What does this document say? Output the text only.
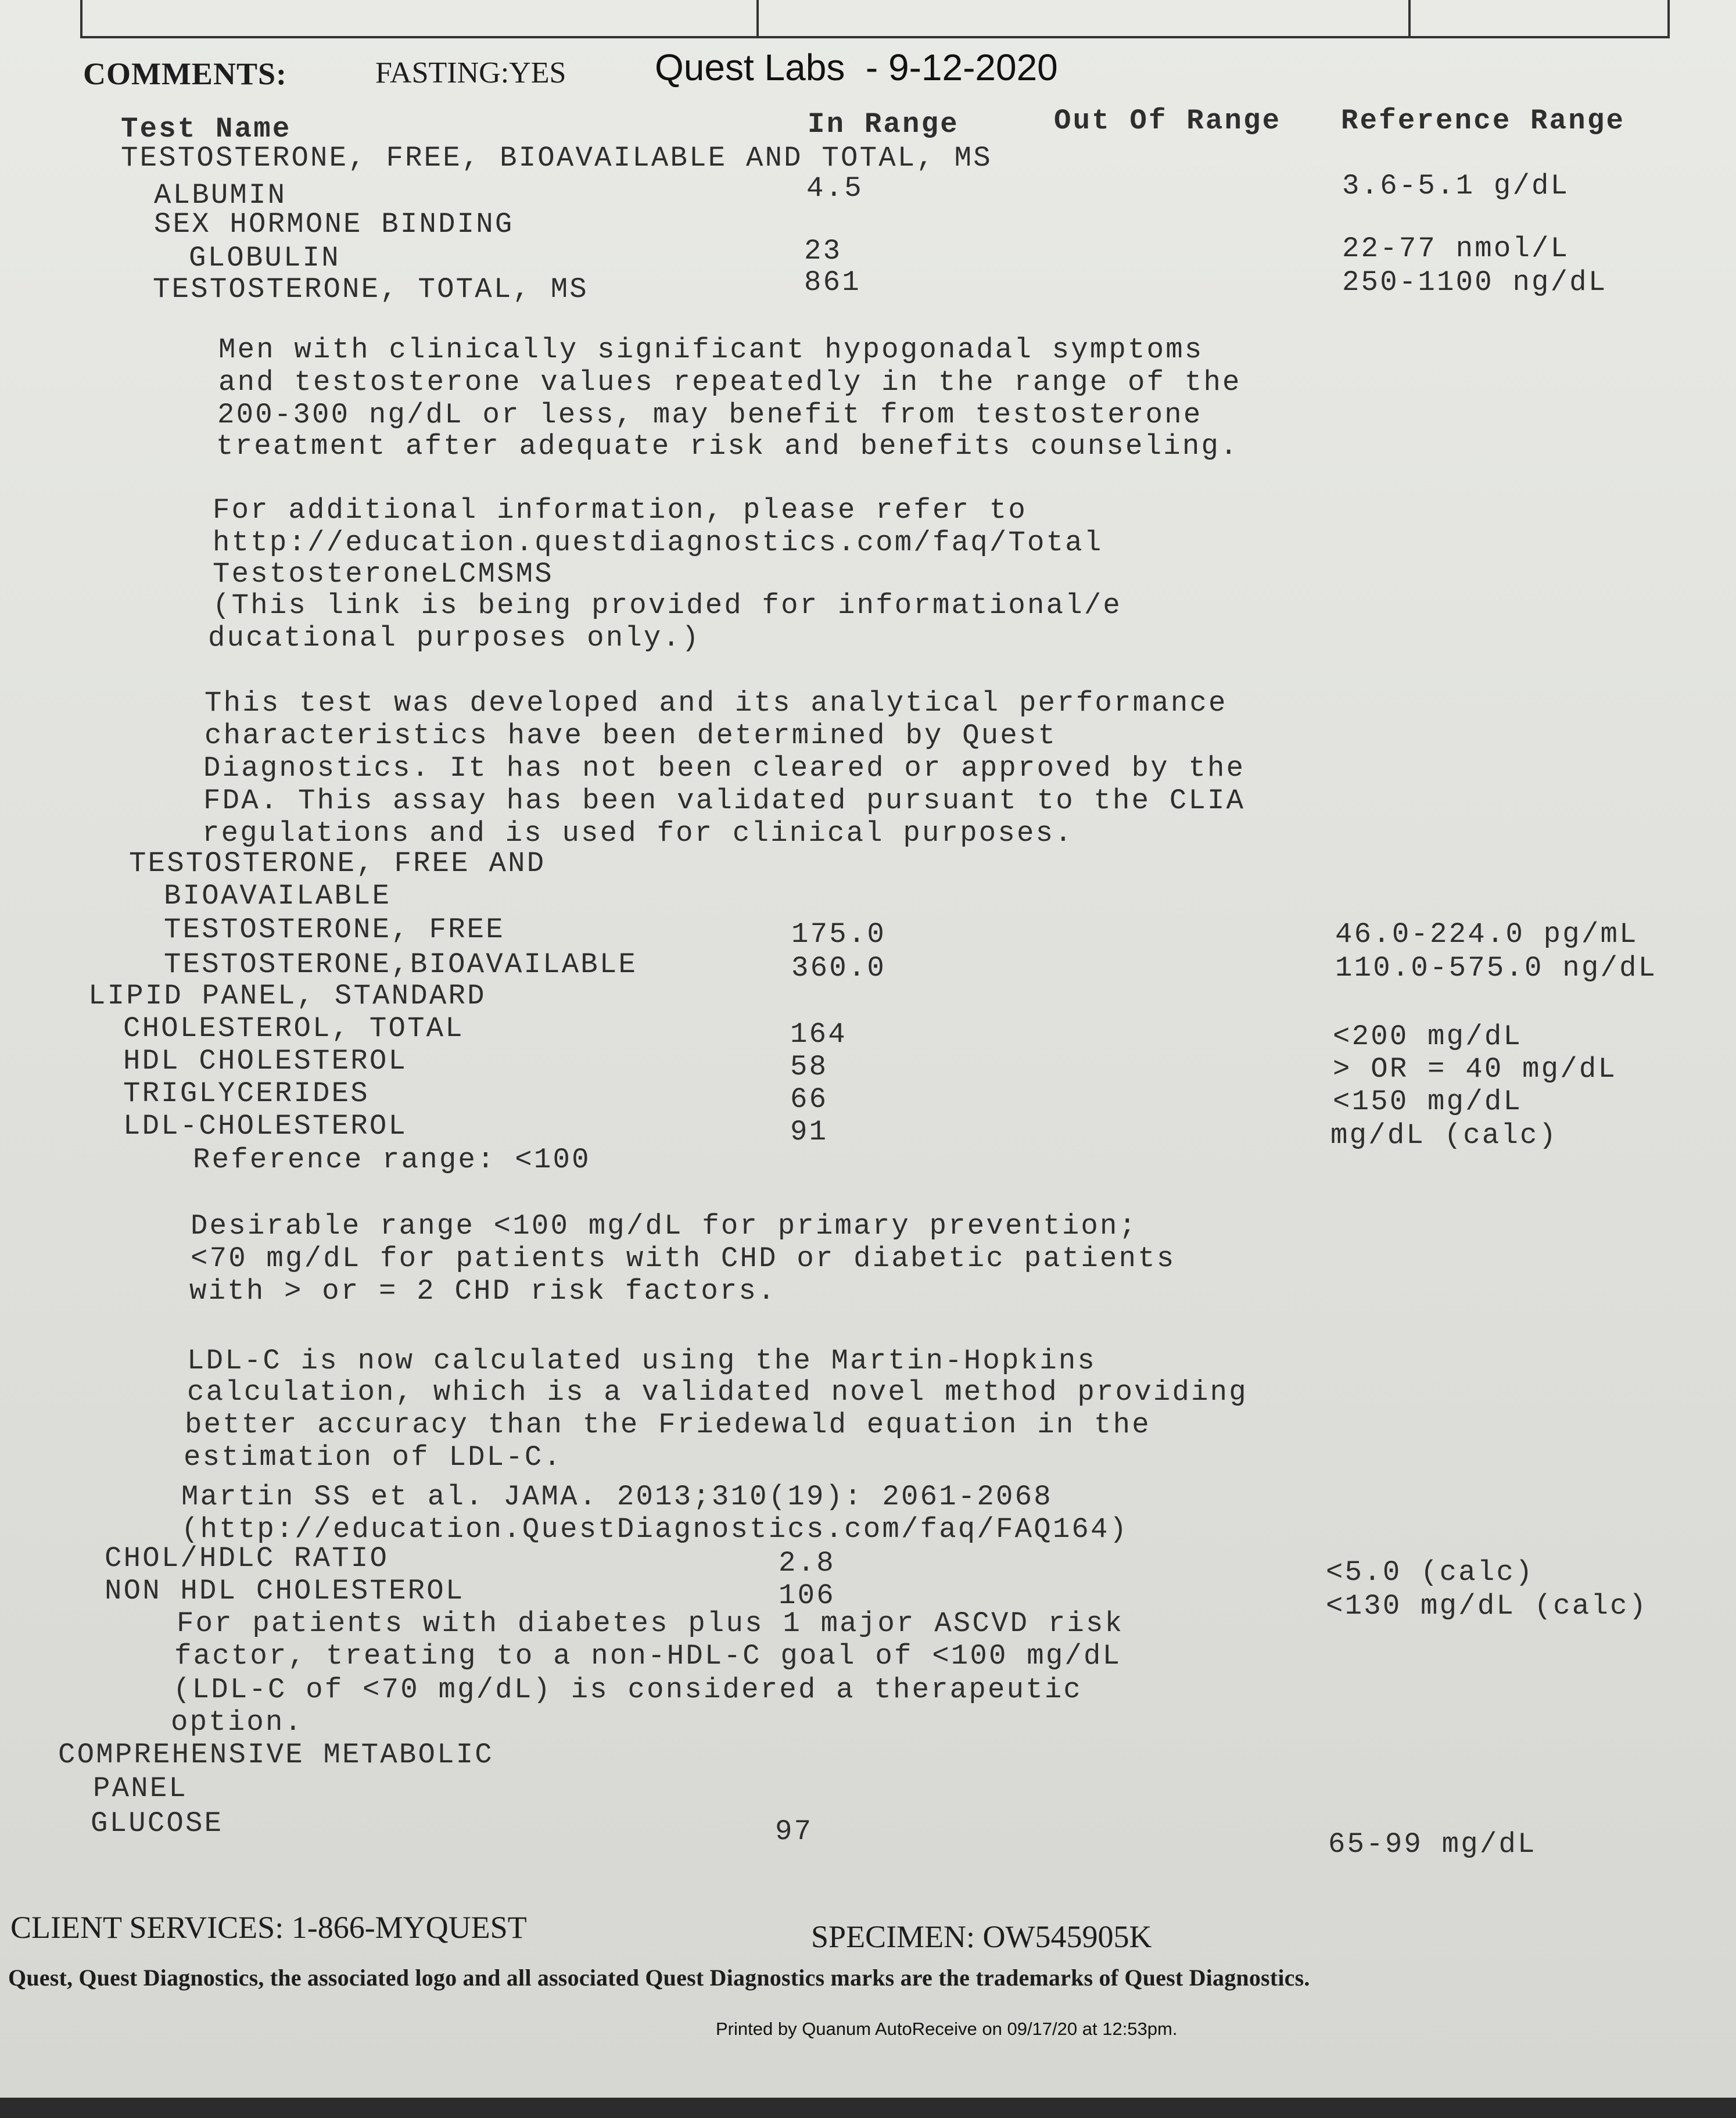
COMMENTS:	FASTING:YES Quest Labs  - 9-12-2020
Test Name	In Range	Out Of Range Reference Range
TESTOSTERONE, FREE, BIOAVAILABLE AND TOTAL, MS
ALBUMIN	4.5	3.6-5.1 g/dL
SEX HORMONE BINDING
GLOBULIN	23	22-77 nmol/L
TESTOSTERONE, TOTAL, MS	861	250-1100 ng/dL
Men with clinically significant hypogonadal symptoms
and testosterone values repeatedly in the range of the
200-300 ng/dL or less, may benefit from testosterone
treatment after adequate risk and benefits counseling.
For additional information, please refer to
http://education.questdiagnostics.com/faq/Total
TestosteroneLCMSMS
(This link is being provided for informational/e
ducational purposes only.)
This test was developed and its analytical performance
characteristics have been determined by Quest
Diagnostics. It has not been cleared or approved by the
FDA. This assay has been validated pursuant to the CLIA
regulations and is used for clinical purposes.
TESTOSTERONE, FREE AND
BIOAVAILABLE
TESTOSTERONE, FREE	175.0	46.0-224.0 pg/mL
TESTOSTERONE,BIOAVAILABLE	360.0	110.0-575.0 ng/dL
LIPID PANEL, STANDARD
CHOLESTEROL, TOTAL	164	<200 mg/dL
HDL CHOLESTEROL	58	> OR = 40 mg/dL
TRIGLYCERIDES	66	<150 mg/dL
LDL-CHOLESTEROL	91	mg/dL (calc)
Reference range: <100
Desirable range <100 mg/dL for primary prevention;
<70 mg/dL for patients with CHD or diabetic patients
with > or = 2 CHD risk factors.
LDL-C is now calculated using the Martin-Hopkins
calculation, which is a validated novel method providing
better accuracy than the Friedewald equation in the
estimation of LDL-C.
Martin SS et al. JAMA. 2013;310(19): 2061-2068
(http://education.QuestDiagnostics.com/faq/FAQ164)
CHOL/HDLC RATIO	2.8	<5.0 (calc)
NON HDL CHOLESTEROL	106	<130 mg/dL (calc)
For patients with diabetes plus 1 major ASCVD risk
factor, treating to a non-HDL-C goal of <100 mg/dL
(LDL-C of <70 mg/dL) is considered a therapeutic
option.
COMPREHENSIVE METABOLIC
PANEL
GLUCOSE	97	65-99 mg/dL
CLIENT SERVICES: 1-866-MYQUEST	SPECIMEN: OW545905K
Quest, Quest Diagnostics, the associated logo and all associated Quest Diagnostics marks are the trademarks of Quest Diagnostics.
Printed by Quanum AutoReceive on 09/17/20 at 12:53pm.
